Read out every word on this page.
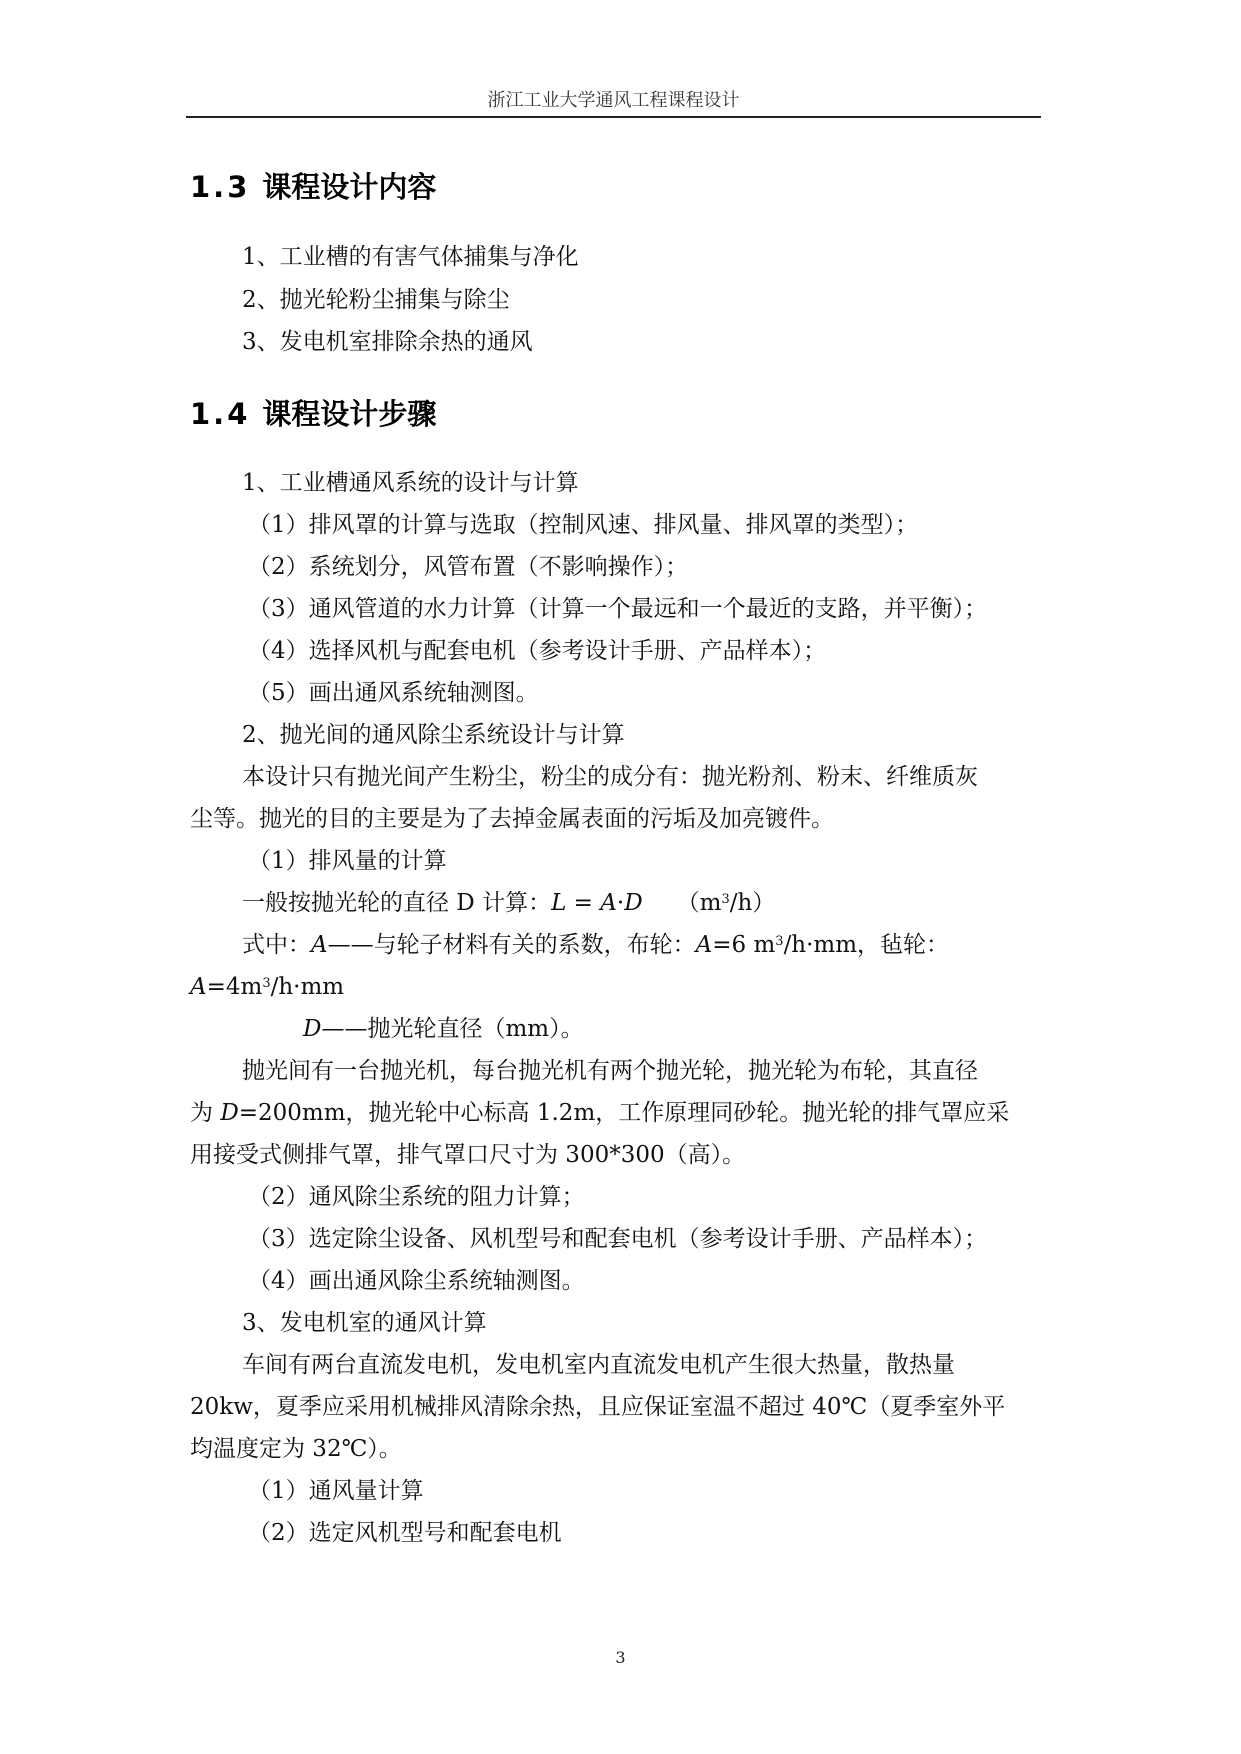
浙江工业大学通风工程课程设计
1.3 课程设计内容
1、工业槽的有害气体捕集与净化
2、抛光轮粉尘捕集与除尘
3、发电机室排除余热的通风
1.4 课程设计步骤
1、工业槽通风系统的设计与计算
（1）排风罩的计算与选取（控制风速、排风量、排风罩的类型）；
（2）系统划分，风管布置（不影响操作）；
（3）通风管道的水力计算（计算一个最远和一个最近的支路，并平衡）；
（4）选择风机与配套电机（参考设计手册、产品样本）；
（5）画出通风系统轴测图。
2、抛光间的通风除尘系统设计与计算
本设计只有抛光间产生粉尘，粉尘的成分有：抛光粉剂、粉末、纤维质灰
尘等。抛光的目的主要是为了去掉金属表面的污垢及加亮镀件。
（1）排风量的计算
一般按抛光轮的直径 D 计算：L = A·D $(m^3/h)$
式中：A——与轮子材料有关的系数，布轮：A=6 $m^3/h\cdot mm$，毡轮：
$A=4m^3/h\cdot mm$
D——抛光轮直径（mm）。
抛光间有一台抛光机，每台抛光机有两个抛光轮，抛光轮为布轮，其直径
为 D=200mm，抛光轮中心标高 1.2m，工作原理同砂轮。抛光轮的排气罩应采
用接受式侧排气罩，排气罩口尺寸为 300*300（高）。
（2）通风除尘系统的阻力计算；
（3）选定除尘设备、风机型号和配套电机（参考设计手册、产品样本）；
（4）画出通风除尘系统轴测图。
3、发电机室的通风计算
车间有两台直流发电机，发电机室内直流发电机产生很大热量，散热量
20kw，夏季应采用机械排风清除余热，且应保证室温不超过 40℃（夏季室外平
均温度定为 32℃）。
（1）通风量计算
（2）选定风机型号和配套电机
3
